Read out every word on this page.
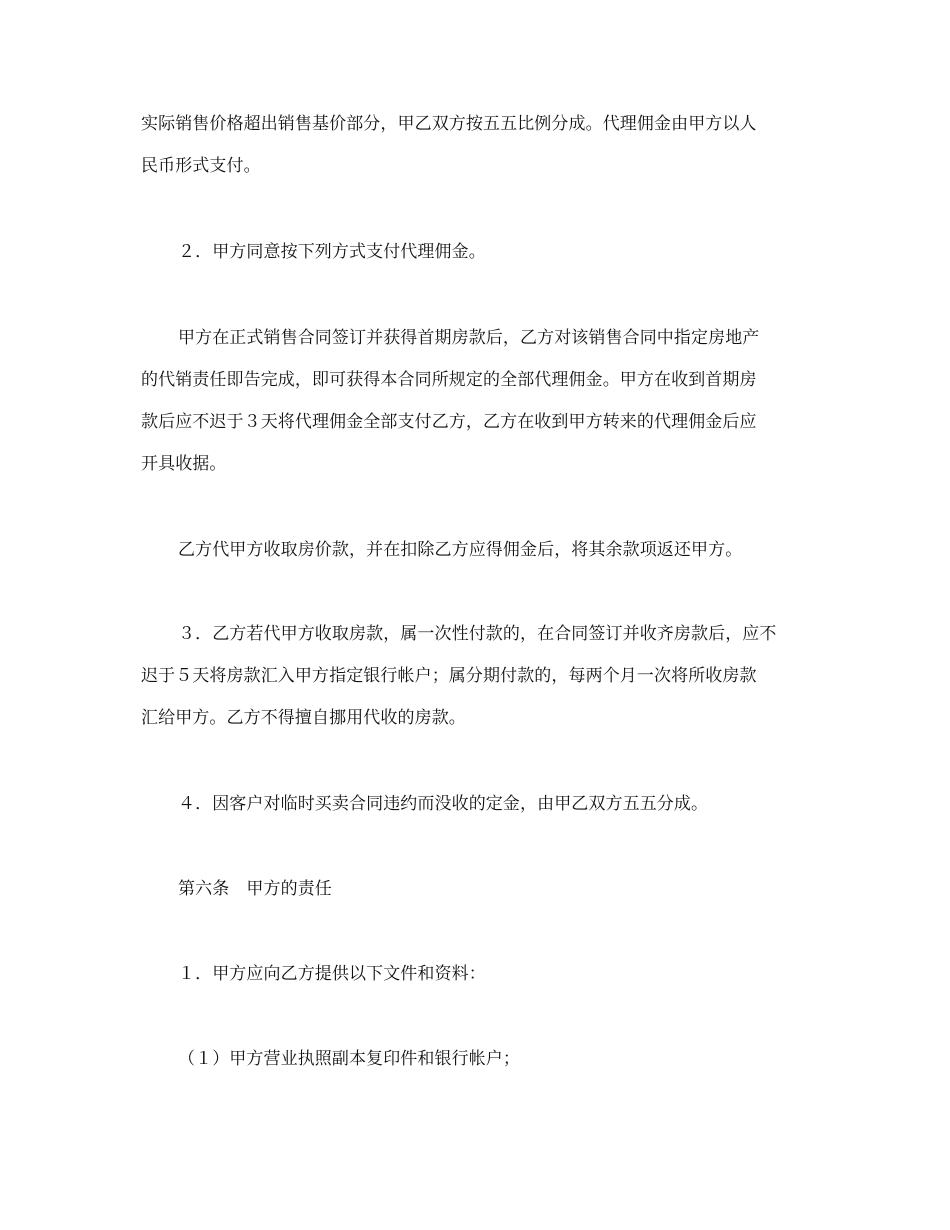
实际销售价格超出销售基价部分，甲乙双方按五五比例分成。代理佣金由甲方以人
民币形式支付。
２．甲方同意按下列方式支付代理佣金。
甲方在正式销售合同签订并获得首期房款后，乙方对该销售合同中指定房地产
的代销责任即告完成，即可获得本合同所规定的全部代理佣金。甲方在收到首期房
款后应不迟于３天将代理佣金全部支付乙方，乙方在收到甲方转来的代理佣金后应
开具收据。
乙方代甲方收取房价款，并在扣除乙方应得佣金后，将其余款项返还甲方。
３．乙方若代甲方收取房款，属一次性付款的，在合同签订并收齐房款后，应不
迟于５天将房款汇入甲方指定银行帐户；属分期付款的，每两个月一次将所收房款
汇给甲方。乙方不得擅自挪用代收的房款。
４．因客户对临时买卖合同违约而没收的定金，由甲乙双方五五分成。
第六条　甲方的责任
１．甲方应向乙方提供以下文件和资料：
（１）甲方营业执照副本复印件和银行帐户；
